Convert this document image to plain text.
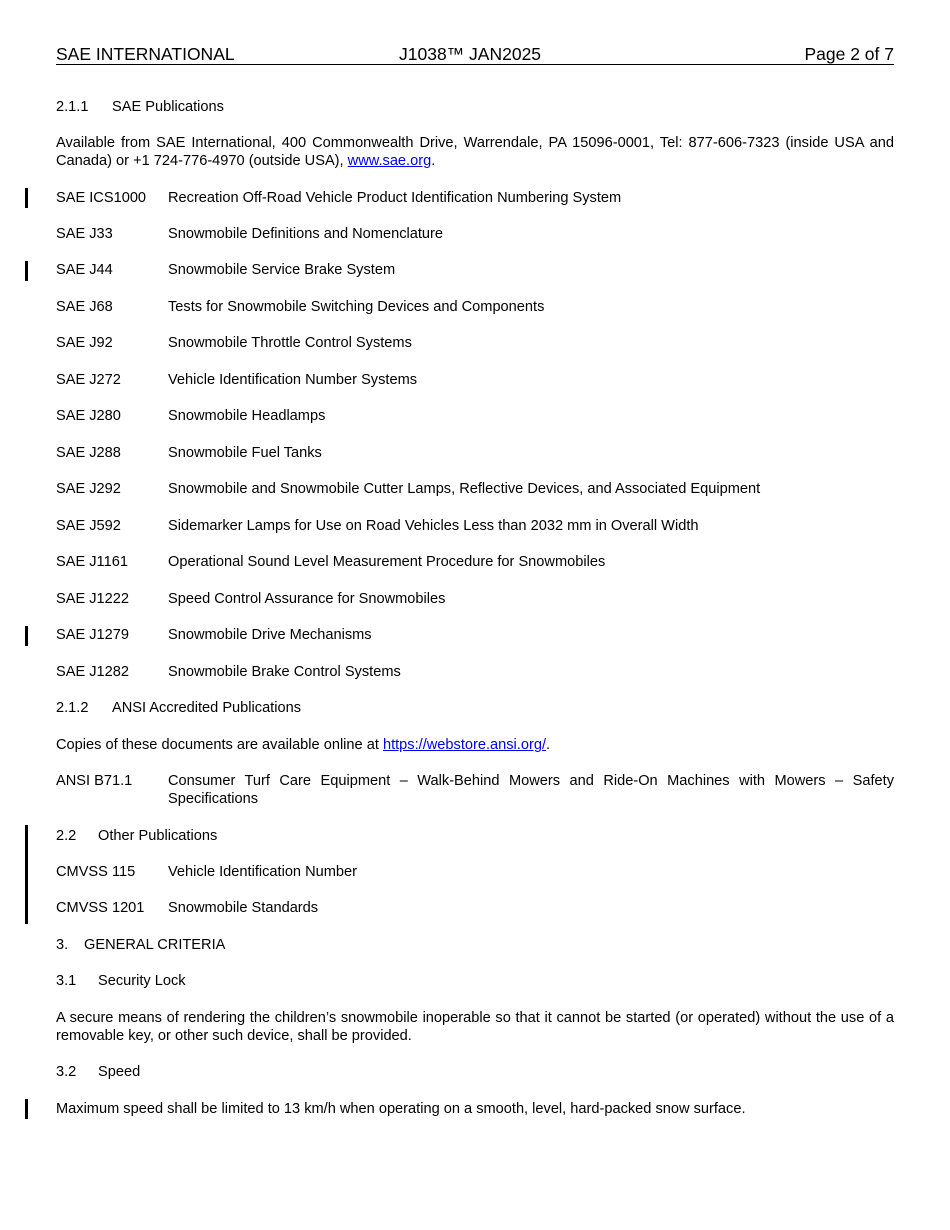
SAE INTERNATIONAL	J1038™ JAN2025	Page 2 of 7
2.1.1 SAE Publications
Available from SAE International, 400 Commonwealth Drive, Warrendale, PA 15096-0001, Tel: 877-606-7323 (inside USA and Canada) or +1 724-776-4970 (outside USA), www.sae.org.
SAE ICS1000 Recreation Off-Road Vehicle Product Identification Numbering System
SAE J33	Snowmobile Definitions and Nomenclature
SAE J44	Snowmobile Service Brake System
SAE J68	Tests for Snowmobile Switching Devices and Components
SAE J92	Snowmobile Throttle Control Systems
SAE J272	Vehicle Identification Number Systems
SAE J280	Snowmobile Headlamps
SAE J288	Snowmobile Fuel Tanks
SAE J292	Snowmobile and Snowmobile Cutter Lamps, Reflective Devices, and Associated Equipment
SAE J592	Sidemarker Lamps for Use on Road Vehicles Less than 2032 mm in Overall Width
SAE J1161	Operational Sound Level Measurement Procedure for Snowmobiles
SAE J1222	Speed Control Assurance for Snowmobiles
SAE J1279	Snowmobile Drive Mechanisms
SAE J1282	Snowmobile Brake Control Systems
2.1.2 ANSI Accredited Publications
Copies of these documents are available online at https://webstore.ansi.org/.
ANSI B71.1 Consumer Turf Care Equipment – Walk-Behind Mowers and Ride-On Machines with Mowers – Safety Specifications
2.2 Other Publications
CMVSS 115 Vehicle Identification Number
CMVSS 1201 Snowmobile Standards
3. GENERAL CRITERIA
3.1 Security Lock
A secure means of rendering the children’s snowmobile inoperable so that it cannot be started (or operated) without the use of a removable key, or other such device, shall be provided.
3.2 Speed
Maximum speed shall be limited to 13 km/h when operating on a smooth, level, hard-packed snow surface.
